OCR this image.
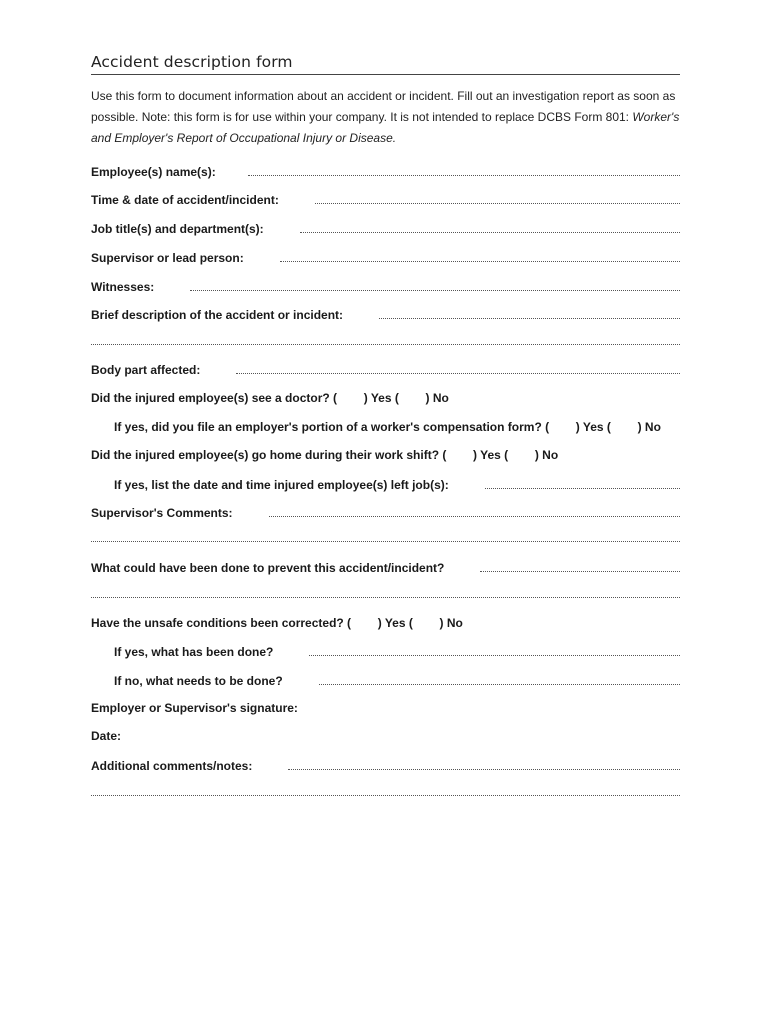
Accident description form
Use this form to document information about an accident or incident. Fill out an investigation report as soon as possible. Note: this form is for use within your company. It is not intended to replace DCBS Form 801: Worker's and Employer's Report of Occupational Injury or Disease.
Employee(s) name(s):
Time & date of accident/incident:
Job title(s) and department(s):
Supervisor or lead person:
Witnesses:
Brief description of the accident or incident:
Body part affected:
Did the injured employee(s) see a doctor? (        ) Yes (        ) No
If yes, did you file an employer's portion of a worker's compensation form? (        ) Yes (        ) No
Did the injured employee(s) go home during their work shift? (        ) Yes (        ) No
If yes, list the date and time injured employee(s) left job(s):
Supervisor's Comments:
What could have been done to prevent this accident/incident?
Have the unsafe conditions been corrected? (        ) Yes (        ) No
If yes, what has been done?
If no, what needs to be done?
Employer or Supervisor's signature:
Date:
Additional comments/notes:
